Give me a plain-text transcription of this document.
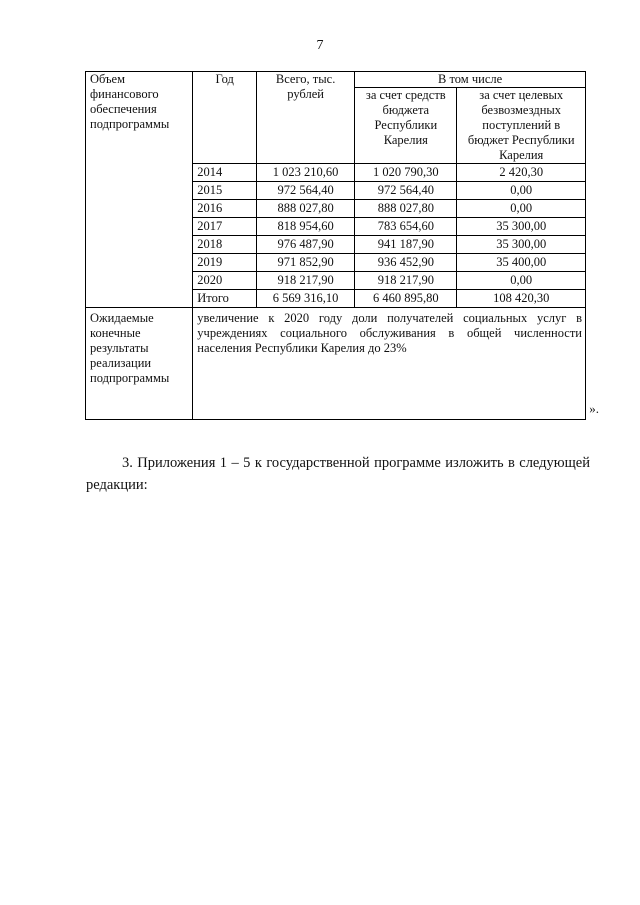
7
Объем финансового обеспечения подпрограммы	Год	Всего, тыс. рублей	В том числе	
			за счет средств бюджета Республики Карелия	за счет целевых безвозмездных поступлений в бюджет Республики Карелия
	2014	1 023 210,60	1 020 790,30	2 420,30
	2015	972 564,40	972 564,40	0,00
	2016	888 027,80	888 027,80	0,00
	2017	818 954,60	783 654,60	35 300,00
	2018	976 487,90	941 187,90	35 300,00
	2019	971 852,90	936 452,90	35 400,00
	2020	918 217,90	918 217,90	0,00
	Итого	6 569 316,10	6 460 895,80	108 420,30
Ожидаемые конечные результаты реализации подпрограммы	увеличение к 2020 году доли получателей социальных услуг в учреждениях социального обслуживания в общей численности населения Республики Карелия до 23%
».			
3. Приложения 1 – 5 к государственной программе изложить в следующей редакции:
